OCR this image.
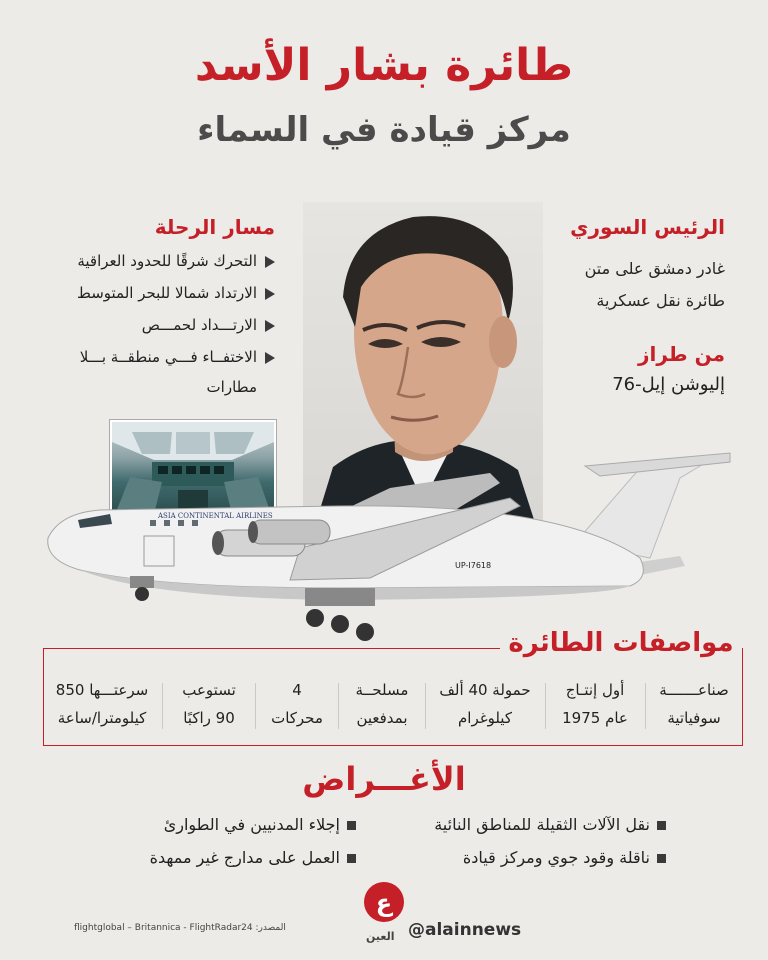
طائرة بشار الأسد
مركز قيادة في السماء
الرئيس السوري
غادر دمشق على متن
طائرة نقل عسكرية
من طراز
إليوشن إيل-76
مسار الرحلة
التحرك شرقًا للحدود العراقية
الارتداد شمالا للبحر المتوسط
الارتـــداد لحمـــص
الاختفــاء فـــي منطقــة بـــلا
مطارات
ASIA CONTINENTAL AIRLINES
UP-I7618
مواصفات الطائرة
صناعـــــــة
سوفياتية
أول إنتـاج
عام 1975
حمولة 40 ألف
كيلوغرام
مسلحــة
بمدفعين
4
محركات
تستوعب
90 راكبًا
سرعتـــها 850
كيلومترا/ساعة
الأغـــراض
نقل الآلات الثقيلة للمناطق النائية
ناقلة وقود جوي ومركز قيادة
إجلاء المدنيين في الطوارئ
العمل على مدارج غير ممهدة
flightglobal – Britannica - FlightRadar24 :المصدر
ع
العين @alainnews
